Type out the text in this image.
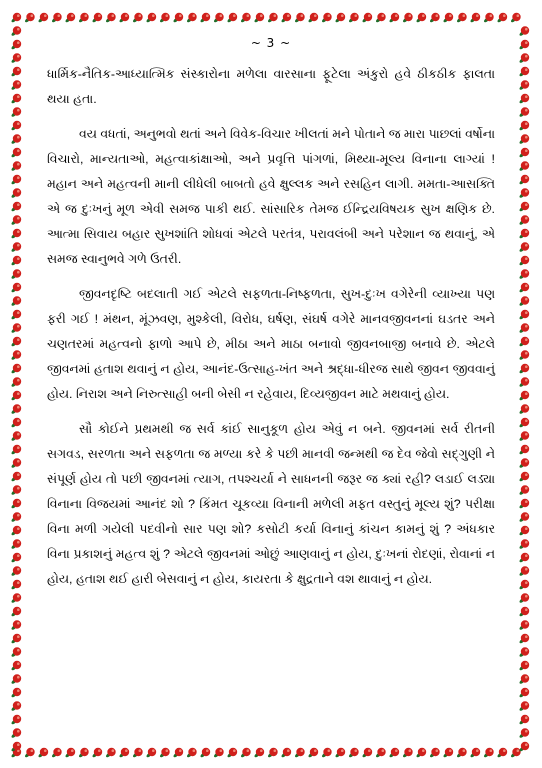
~ 3 ~

ધાર્મિક-નૈતિક-આધ્યાત્મિક સંસ્કારોના મળેલા વારસાના ફૂટેલા અંકુરો હવે ઠીકઠીક ફાલતા થયા હતા.

વય વધતાં, અનુભવો થતાં અને વિવેક-વિચાર ખીલતાં મને પોતાને જ મારા પાછલાં વર્ષોના વિચારો, માન્યતાઓ, મહત્વાકાંક્ષાઓ, અને પ્રવૃત્તિ પાંગળાં, મિથ્યા-મૂલ્ય વિનાના લાગ્યાં ! મહાન અને મહત્વની માની લીધેલી બાબતો હવે ક્ષુલ્લક અને રસહિન લાગી. મમતા-આસક્તિ એ જ દુઃખનું મૂળ એવી સમજ પાકી થઈ. સાંસારિક તેમજ ઈન્દ્રિયવિષયક સુખ ક્ષણિક છે. આત્મા સિવાય બહાર સુખશાંતિ શોધવાં એટલે પરતંત્ર, પરાવલંબી અને પરેશાન જ થવાનું, એ સમજ સ્વાનુભવે ગળે ઉતરી.

જીવનદૃષ્ટિ બદલાતી ગઈ એટલે સફળતા-નિષ્ફળતા, સુખ-દુઃખ વગેરેની વ્યાખ્યા પણ ફરી ગઈ ! મંથન, મૂંઝવણ, મુશ્કેલી, વિરોધ, ઘર્ષણ, સંઘર્ષ વગેરે માનવજીવનનાં ઘડતર અને ચણતરમાં મહત્વનો ફાળો આપે છે, મીઠા અને માઠા બનાવો જીવનબાજી બનાવે છે. એટલે જીવનમાં હતાશ થવાનું ન હોય, આનંદ-ઉત્સાહ-ખંત અને શ્રદ્ધા-ધીરજ સાથે જીવન જીવવાનું હોય. નિરાશ અને નિરુત્સાહી બની બેસી ન રહેવાય, દિવ્યજીવન માટે મથવાનું હોય.

સૌ કોઈને પ્રથમથી જ સર્વ કાંઈ સાનુકૂળ હોય એવું ન બને. જીવનમાં સર્વ રીતની સગવડ, સરળતા અને સફળતા જ મળ્યા કરે કે પછી માનવી જન્મથી જ દેવ જેવો સદ્ગુણી ને સંપૂર્ણ હોય તો પછી જીવનમાં ત્યાગ, તપશ્ચર્યા ને સાધનની જરૂર જ ક્યાં રહી? લડાઈ લડ્યા વિનાના વિજયમાં આનંદ શો ? કિંમત ચૂકવ્યા વિનાની મળેલી મફત વસ્તુનું મૂલ્ય શું? પરીક્ષા વિના મળી ગયેલી પદવીનો સાર પણ શો? કસોટી કર્યા વિનાનું કાંચન કામનું શું ? અંધકાર વિના પ્રકાશનું મહત્વ શું ? એટલે જીવનમાં ઓછું આણવાનું ન હોય, દુઃખનાં રોદણાં, રોવાનાં ન હોય, હતાશ થઈ હારી બેસવાનું ન હોય, કાયરતા કે ક્ષુદ્રતાને વશ થાવાનું ન હોય.
